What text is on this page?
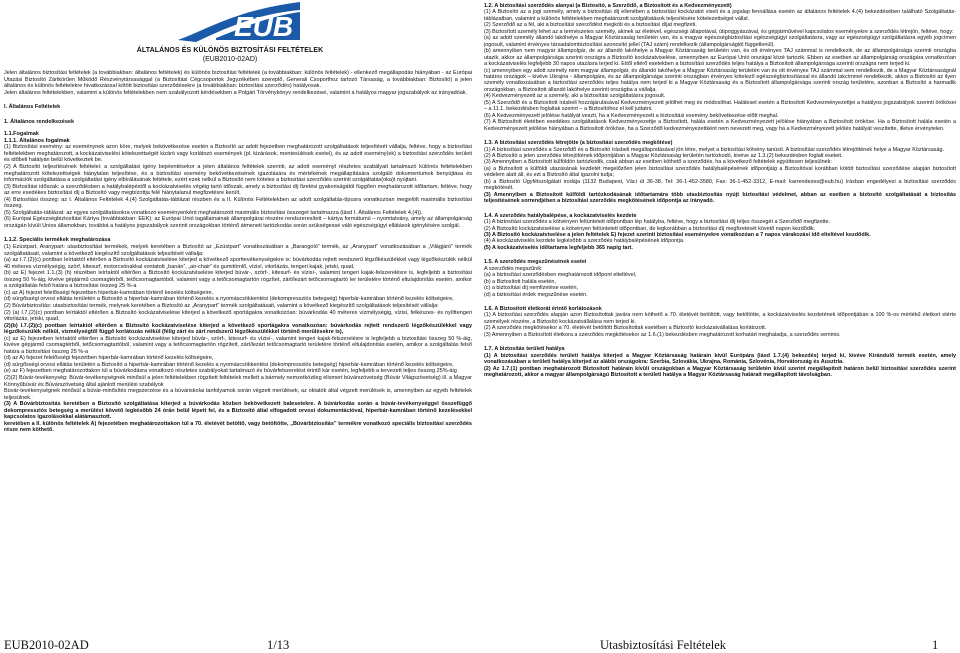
EUB
ÁLTALÁNOS ÉS KÜLÖNÖS BIZTOSÍTÁSI FELTÉTELEK
(EUB2010-02AD)

Jelen általános biztosítási feltételek (a továbbiakban: általános feltételek) és különös biztosítási feltételek (a továbbiakban: különös feltételek) - ellenkező megállapodás hiányában - az Európai Utazási Biztosító Zártkörűen Működő Részvénytársasággal (a Biztosítási Cégcsoportok Jegyzékében szereplő, Generali Csoporthoz tartozó Társaság, a továbbiakban: Biztosító) a jelen általános és különös feltételekre hivatkozással kötött biztosítási szerződésekre (a továbbiakban: biztosítási szerződés) hatályosak.

Jelen általános feltételekben, valamint a különös feltételekben nem szabályozott kérdésekben a Polgári Törvénykönyv rendelkezései, valamint a hatályos magyar jogszabályok az irányadóak.

I. Általános Feltételek

1. Általános rendelkezések

1.1.Fogalmak

1.1.1. Általános fogalmak

(1) Biztosítási esemény: az eseménynek azon köre, melyek bekövetkezése esetén a Biztosító az adott fejezetben meghatározott szolgáltatások teljesítését vállalja, feltéve, hogy a biztosítási feltételekben meghatározott, a kockázatviselési kötelezettségét kizáró vagy korlátozó események (pl. kizárások, mentesülések esetei), és az adott esemény(ek) a biztosítási szerződés területi és időbeli hatályán belül következtek be.

(2) A Biztosító teljesítésének feltételei: a szolgáltatási igény bejelentésekor a jelen általános feltételek szerinti, az adott eseményt részletes szabályait tartalmazó különös feltételekben meghatározott kötelezettségek hiánytalan teljesítése, és a biztosítási esemény bekövetkezésének igazolására és mértékének megállapítására szolgáló dokumentumok benyújtása és információk szolgáltatása a szolgáltatási igény elbírálásának feltétele, ezért ezek nélkül a Biztosító nem köteles a biztosítási szerződés szerinti szolgáltatás(oka)t nyújtani.

(3) Biztosítási időszak: a szerződésben a hatálybalépéstől a kockázatviselés végéig tartó időszak, amely a biztosítási díj fizetési gyakoriságától függően meghatározott időtartam, feltéve, hogy az erre esedékes biztosítási díj a Biztosító vagy megbízottja felé hiánytalanul megfizetésre került.

(4) Biztosítási összeg: az I. Általános Feltételek 4.(4) Szolgáltatás-táblázat részben és a II. Különös Feltételekben az adott szolgáltatás-típusra vonatkozóan megjelölt maximális biztosítási összeg.

(5) Szolgáltatás-táblázat: az egyes szolgáltatásokra vonatkozó eseményenként meghatározott maximális biztosítási összeget tartalmazza (lásd I. Általános Feltételek 4.(4)).

(6) Európai Egészségbiztosítási Kártya (továbbiakban: EEK): az Európai Unió tagállamainak állampolgárai részére rendszeresített – kártya formátumú – nyomtatvány, amely az állampolgárság országán kívüli Unios államokban, továbbá a hatályos jogszabályok szerinti országokban történő átmeneti tartózkodás során szükségessé váló egészségügyi ellátások igénylésére szolgál.

1.1.2. Speciális termékek meghatározása

(1) Ezüstpart, Aranypart: utasbiztosítási termékek, melyek keretében a Biztosító az „Ezüstpart” vonatkozásában a „Barangoló” termék, az „Aranypart” vonatkozásában a „Világjáró” termék szolgáltatásait, valamint a következő kiegészítő szolgáltatások teljesítését vállalja:

(a) az I.7.(2)(c) pontban leírtaktól eltérően a Biztosító kockázatviselése kiterjed a következő sporttevékenységekre is: búvárkodás rejtett rendszerű légzőkészülékkel vagy légzőkészülék nélkül 40 méteres vízmélységig, szörf, kitesurf, motorcsónakkal vontatott „banán”, „air-chair” és gumitömlő, vízisí, vitorlázás, tengeri kajak, jetski, quad,

(b) az E) fejezet 1.1.(3) (h) részében leírtaktól eltérően a Biztosító kockázatviselése kiterjed búvár-, szörf-, kitesurf- és vízisí-, valamint tengeri kajak-felszerelésre is, legfeljebb a biztosítási összeg 50 %-áig, kivéve gépjármű csomagtérből, tetőcsomagtartóból, valamint vagy a tetőcsomagtartón rögzítet, zárt/lezárt tetőcsomagtartó ter területére történő eltulajdonítás esetén, amikor a szolgáltatás felső határa a biztosítási összeg 25 %-a

(c) az A) fejezet felelősségi fejezetben hiperbár-kamrában történő kezelés költségeire,

(d) súrgősségi orvosi ellátás területén a Biztosító a hiperbár-kamrában történő kezelés a nyomáscsökkentési (dekompressziós betegség) hiperbár-kamrában történő kezelés költségeire,

(2) Búvárbiztosítás: utasbiztosítási termék, melynek keretében a Biztosító az „Aranypart” termék szolgáltatásait, valamint a következő kiegészítő szolgáltatások teljesítését vállalja:

(2) (a) I.7.(2)(c) pontban leírtaktól eltérően a Biztosító kockázatviselése kiterjed a következő sportágakra vonatkozóan: búvárkodás 40 méteres vízmélységig, vízisí, felkészes- és nyílttengeri vitorlázás, jetski, quad,

(2)(b) I.7.(2)(c) pontban leírtaktól eltérően a Biztosító kockázatviselése kiterjed a következő sportágakra vonatkozóan: búvárkodás rejtett rendszerű légzőkészülékkel vagy légzőkészülék nélkül, vízmélységtől függő korlátozás nélkül (félig zárt és zárt rendszerű légzőkészülékkel történő merülésekre is),

(c) az E) fejezetben leírtaktól eltérően a Biztosító kockázatviselése kiterjed búvár-, szörf-, kitesurf- és vízisí-, valamint tengeri kajak-felszerelésre is legfeljebb a biztosítási összeg 50 %-áig, kivéve gépjármű csomagtérből, tetőcsomagtartóból, valamint vagy a tetőcsomagtartón rögzített, zárt/lezárt tetőcsomagtartó területére történő eltulajdonítás esetén, amikor a szolgáltatás felső határa a biztosítási összeg 25 %-a

(d) az A) fejezet felelősségi fejezetben hiperbár-kamrában történő kezelés költségeire,

(d) súrgősségi orvosi ellátás területén a Biztosító a hiperbár-kamrában történő kezelés a nyomáscsökkentési (dekompressziós betegség) hiperbár-kamrában történő kezelés költségeire,

(e) az F) fejezetben meghatározottakon túl a búvárkodásra vonatkozó részletes szabályokat tartalmazó és búvárfelszerelést érintő kár esetén, legfeljebb a tervezett teljes összeg 25%-áig

(2)(2) Búvár-tevékenység: Búvár-tevékenységnek minősül a jelen feltételekben rögzített feltételek mellett a bármely nemzetközileg elismert búvárszövetség (Búvár Világszövetség) ill. a Magyar Könnyűbúvár és Búvárszövetség által ajánlott merülési szabályok

Búvár-tevékenységnek minősül a búvár-minősítés megszerzése és a búváriskolai tanfolyamok során végzett merülések, az oktatók által végzett merülések is, amennyiben az egyéb feltételek teljesülnek.

(3) A Búvárbiztosítás keretében a Biztosító szolgáltatása kiterjed a búvárkodás közben bekövetkezett balesetekre. A búvárkodás során a búvár-tevékenységgel összefüggő dekompressziós betegség a merülést követő legkésőbb 24 órán belül lépett fel, és a Biztosító által elfogadott orvosi dokumentációval, hiperbár-kamrában történő kezelésekkel kapcsolatos igazolásokkal alátámasztott.

keretében a II. különös feltételek A) fejezetében meghatározottakon túl a 70. életévét betöltő, vagy betöltötte, „Búvárbiztosítás” termékre vonatkozó speciális biztosítási szerződés része nem köthető.

1.2. A biztosítási szerződés alanyai (a Biztosító, a Szerződő, a Biztosított és a Kedvezményezett)

(1) A Biztosító az a jogi személy, amely a biztosítási díj ellenében a biztosítási kockázatot viseli és a jogalap fennállása esetén az általános feltételek 4.(4) bekezdésében található Szolgáltatás-táblázatban, valamint a különös feltételekben meghatározott szolgáltatások teljesítésére kötelezettséget vállal.

(2) Szerződő az a fél, aki a biztosítási szerződést megköti és a biztosítási díjat megfizeti.

(3) Biztosított személy lehet az a természetes személy, akinek az életével, egészségi állapotával, útipoggyászával, és gépjárművével kapcsolatos eseményekre a szerződés létrejön, feltéve, hogy:

(a) az adott személy állandó lakóhelye a Magyar Köztársaság területén van, és a magyar egészségbiztosítási egészségügyi szolgáltatásra, vagy az egészségügyi szolgáltatásra egyéb jogcímen jogosult, valamint érvényes társadalombiztosítási azonosító jellel (TAJ szám) rendelkezik (állampolgárságtól függetlenül).

(b) amennyiben nem magyar állampolgár, de az állandó lakóhelye a Magyar Köztársaság területén van, és ott érvényes TAJ számmal is rendelkezik, de az állampolgársága szerinti országba utazik, akkor az állampolgársága szerinti országra a Biztosító kockázatviselése, amennyiben az Európai Unió országai közé tartozik. Ebben az esetben az állampolgárság országára vonatkozóan a kockázatviselés legfeljebb 30 napos utazásra terjed ki. Ettől eltérő esetekben a biztosítási szerződés teljes hatálya a Biztosított állampolgársága szerinti országra nem terjed ki.

(c) amennyiben egy adott személy nem magyar állampolgár, és állandó lakóhelye a Magyar Köztársaság területén van és ott érvényes TAJ számmal sem rendelkezik, de a Magyar Köztársaságnál határos országok – kivéve Ukrajna - állampolgára, és az állampolgársága szerinti országban érvényes kötelező egészségbiztosítással és állandó lakcímmel rendelkezik, akkor a Biztosító az ilyen személy vonatkozásában a biztosítási szerződés teljes hatálya nem terjed ki a Magyar Köztársaság és a Biztosított állampolgársága szerinti ország területére, azonban a Biztosító a harmadik országokban, a Biztosított állandó lakóhelye szerinti országba a vállalja.

(4) Kedvezményezett az a személy, aki a biztosítási szolgáltatásra jogosult.

(5) A Szerződő és a Biztosított írásbeli hozzájárulásával Kedvezményezett jelölhet meg és módosíthat. Haláleset esetén a Biztosított Kedvezményezettjei a hatályos jogszabályok szerinti örökösei – a 11.1. bekezdésben foglaltak szerint – a Biztosítóhoz el kell juttatni.

(6) A Kedvezményezett jelölése hatályát veszti, ha a Kedvezményezett a biztosítási esemény bekövetkezése előtt meghal.

(7) A Biztosított életében esedékes szolgáltatások Kedvezményezettje a Biztosított, halála esetén a Kedvezményezett jelölése hiányában a Biztosított örököse. Ha a Biztosított halála esetén a Kedvezményezett jelölése hiányában a Biztosított örököse, ha a Szerződő kedvezményezettként nem nevezett meg, vagy ha a Kedvezményezett jelölés hatályát veszítette, illetve érvénytelen.

1.3. A biztosítási szerződés létrejötte (a biztosítási szerződés megkötése)

(1) A biztosítási szerződés a Szerződő és a Biztosító írásbeli megállapodásával jön létre, melyet a biztosítási kötvény tanúsít. A biztosítási szerződés létrejöttének helye a Magyar Köztársaság.

(2) A Biztosító a jelen szerződés létrejöttének időpontjában a Magyar Köztársaság területén tartózkodó, kivéve az 1.3.(2) bekezdésben foglalt eseteit.

(3) Amennyiben a Biztosított külföldön tartózkodik, csak abban az esetben köthető a szerződés, ha a következő feltételek együttesen teljesülnek:

(a) a Biztosított a külföldi utazásának kezdetét megelőzően jelen biztosítási szerződés hatálybalépésének időpontjáig a Biztosítóval korábban kötött biztosítási szerződése alapján biztosított védelem alatt áll, és ezt a Biztosító által igazolni tudja;

(b) a Biztosító Ügyfélszolgálati irodája (1132 Budapest, Váci út 36-38. Tel: 36-1-452-3580, Fax: 36-1-452-3312, E-mail: karrendezes@eub.hu) írásban engedélyezi a biztosítási szerződés megkötését.

(3) Amennyiben a Biztosított külföldi tartózkodásának időtartamára több utasbiztosítás nyújt biztosítási védelmet, abban az esetben a biztosító szolgáltatását a biztosítás teljesítésének sorrendjében a biztosítási szerződés megkötésének időpontja az irányadó.

1.4. A szerződés hatálybalépése, a kockázatviselés kezdete

(1) A biztosítási szerződés a kötvényen feltüntetett időpontban lép hatályba, feltéve, hogy a biztosítási díj teljes összegét a Szerződő megfizette.

(2) A Biztosító kockázatviselése a kötvényen feltüntetett időpontban, de legkorábban a biztosítási díj megfizetését követő napon kezdődik.

(3) A Biztosító kockázatviselése a jelen feltételek E) fejezet szerinti biztosítási eseményekre vonatkozóan a 7 napos várakozási idő elteltével kezdődik.

(4) A kockázatviselés kezdete legkésőbb a szerződés hatálybalépésének időpontja.

(5) A kockázatviselés időtartama legfeljebb 365 napig tart.

1.5. A szerződés megszűnésének esetei

A szerződés megszűnik:

(a) a biztosítási szerződésben meghatározott időpont elteltével,

(b) a Biztosított halála esetén,

(c) a biztosítási díj nemfizetése esetén,

(d) a biztosítási érdek megszűnése esetén.

1.6. A Biztosított életkorát érintő korlátozások

(1) A biztosítási szerződés alapján azon Biztosítottak javára nem köthető a 70. életévét betöltött, vagy betöltötte, a kockázatviselés kezdetének időpontjában a 100 %-os mértékű életkort elérte személyek részére, a Biztosító kockázatvállalása nem terjed ki.

(2) A szerződés megkötésekor a 70. életévét betöltött Biztosítottak esetében a Biztosító kockázatvállalása korlátozott.

(3) Amennyiben a Biztosított életkora a szerződés megkötésekor az 1.6.(1) bekezdésben meghatározott korhatárt meghaladja, a szerződés semmis.

1.7. A biztosítás területi hatálya

(1) A biztosítási szerződés területi hatálya kiterjed a Magyar Köztársaság határain kívül Európára (lásd 1.7.(4) bekezdés) terjed ki, kivéve Kirándulő termék esetén, amely vonatkozásában a területi hatálya kiterjed az alábbi országokra: Szerbia, Szlovákia, Ukrajna, Románia, Szlovénia, Horvátország és Ausztria.

(2) Az 1.7.(1) pontban meghatározott Biztosított határain kívüli országokban a Magyar Köztársaság területén kívül szerint megállapított határon belül biztosítási szerződés szerint meghatározott, akkor a magyar állampolgárságú Biztosított a területi hatálya a Magyar Köztársaság határait megállapított távolságban.

EUB2010-02AD	1/13	Utasbiztosítási Feltételek	1
